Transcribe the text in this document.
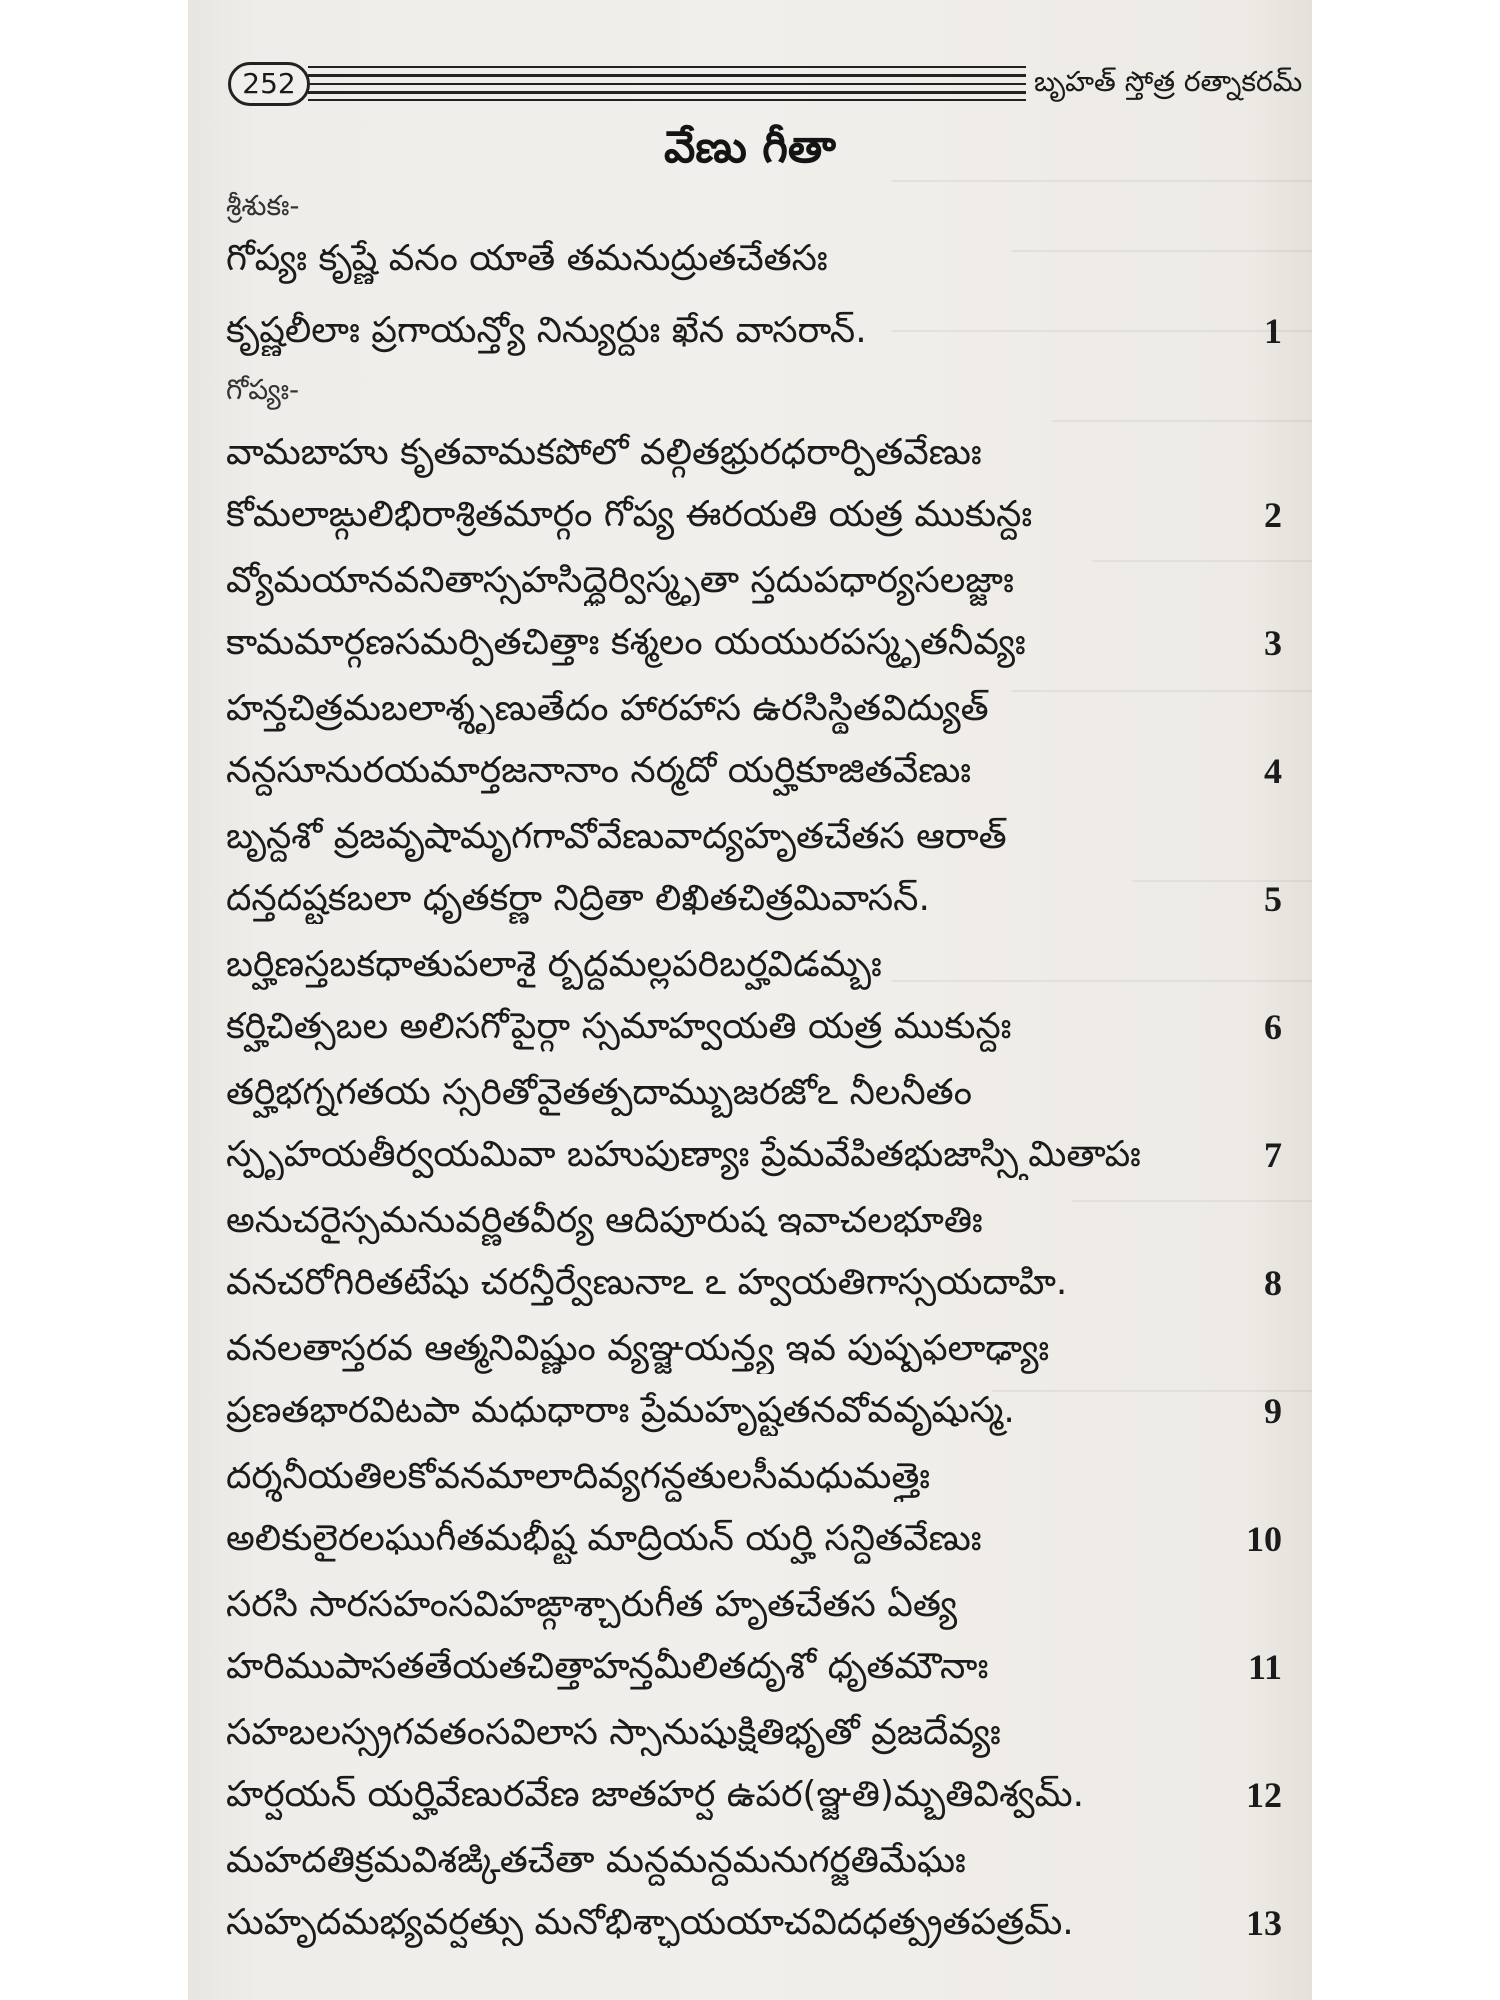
252	బృహత్ స్తోత్ర రత్నాకరమ్
వేణు గీతా
శ్రీశుకః-
గోప్యః కృష్ణే వనం యాతే తమనుద్రుతచేతసః
కృష్ణలీలాః ప్రగాయన్త్యో నిన్యుర్దుః ఖేన వాసరాన్.	1
గోప్యః-
వామబాహు కృతవామకపోలో వల్గితభ్రురధరార్పితవేణుః
కోమలాఙ్గులిభిరాశ్రితమార్గం గోప్య ఈరయతి యత్ర ముకున్దః	2
వ్యోమయానవనితాస్సహసిద్ధైర్విస్మృతా స్తదుపధార్యసలజ్జాః
కామమార్గణసమర్పితచిత్తాః కశ్మలం యయురపస్మృతనీవ్యః	3
హన్తచిత్రమబలాశ్శృణుతేదం హారహాస ఉరసిస్థితవిద్యుత్
నన్దసూనురయమార్తజనానాం నర్మదో యర్హికూజితవేణుః	4
బృన్దశో వ్రజవృషామృగగావోవేణువాద్యహృతచేతస ఆరాత్
దన్తదష్టకబలా ధృతకర్ణా నిద్రితా లిఖితచిత్రమివాసన్.	5
బర్హిణస్తబకధాతుపలాశై ర్బద్ధమల్లపరిబర్హవిడమ్బః
కర్హిచిత్సబల అలిసగోపైర్గా స్సమాహ్వయతి యత్ర ముకున్దః	6
తర్హిభగ్నగతయ స్సరితోవైతత్పదామ్బుజరజోఽ నీలనీతం
స్పృహయతీర్వయమివా బహుపుణ్యాః ప్రేమవేపితభుజాస్స్తిమితాపః	7
అనుచరైస్సమనువర్ణితవీర్య ఆదిపూరుష ఇవాచలభూతిః
వనచరోగిరితటేషు చరన్తీర్వేణునాఽ ఽ హ్వయతిగాస్సయదాహి.	8
వనలతాస్తరవ ఆత్మనివిష్ణుం వ్యఞ్జయన్త్య ఇవ పుష్పఫలాఢ్యాః
ప్రణతభారవిటపా మధుధారాః ప్రేమహృష్టతనవోవవృషుస్మ.	9
దర్శనీయతిలకోవనమాలాదివ్యగన్ధతులసీమధుమత్తైః
అలికులైరలఘుగీతమభీష్ట మాద్రియన్ యర్హి సన్ధితవేణుః	10
సరసి సారసహంసవిహఙ్గాశ్చారుగీత హృతచేతస ఏత్య
హరిముపాసతతేయతచిత్తాహన్తమీలితదృశో ధృతమౌనాః	11
సహబలస్స్రగవతంసవిలాస స్సానుషుక్షితిభృతో వ్రజదేవ్యః
హర్షయన్ యర్హివేణురవేణ జాతహర్ష ఉపర(ఞ్జతి)మ్భతివిశ్వమ్.	12
మహదతిక్రమవిశఙ్కితచేతా మన్దమన్దమనుగర్జతిమేఘః
సుహృదమభ్యవర్షత్సు మనోభిశ్ఛాయయాచవిదధత్ప్రతపత్రమ్.	13
